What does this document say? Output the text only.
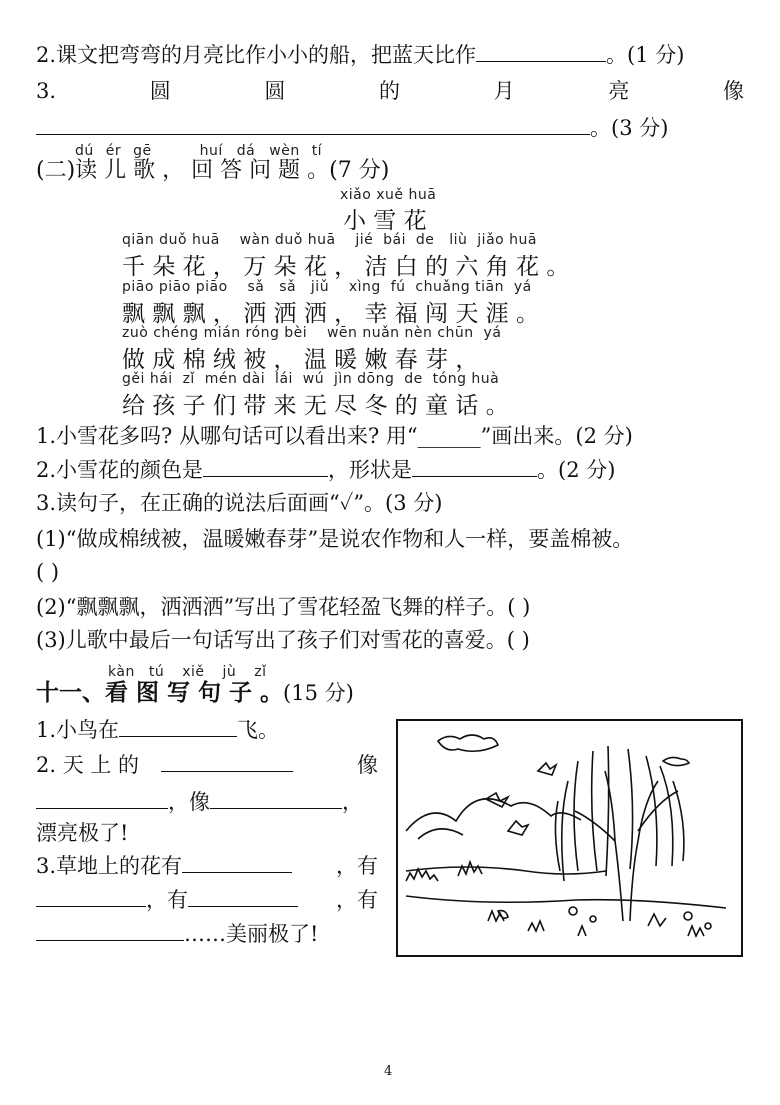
2.课文把弯弯的月亮比作小小的船，把蓝天比作	。(1 分)
3.	圆	圆	的	月	亮	像
。(3 分)
dú ér gē	huí dá wèn tí
(二)读 儿 歌 ， 回 答 问 题 。(7 分)
xiǎo xuě huā
小 雪 花
qiān duǒ huā    wàn duǒ huā    jié  bái  de   liù  jiǎo huā
千 朵 花 ， 万 朵 花 ， 洁 白 的 六 角 花 。
piāo piāo piāo    sǎ   sǎ   jiǔ    xìng  fú  chuǎng tiān  yá
飘 飘 飘 ， 洒 洒 洒 ， 幸 福 闯 天 涯 。
zuò chéng mián róng bèi    wēn nuǎn nèn chūn  yá
做 成 棉 绒 被 ， 温 暖 嫩 春 芽 ，
gěi hái  zǐ  mén dài  lái  wú  jìn dōng  de  tóng huà
给 孩 子 们 带 来 无 尽 冬 的 童 话 。
1.小雪花多吗? 从哪句话可以看出来? 用“______”画出来。(2 分)
2.小雪花的颜色是	，形状是	。(2 分)
3.读句子，在正确的说法后面画“✓”。(3 分)
(1)“做成棉绒被，温暖嫩春芽”是说农作物和人一样，要盖棉被。
( )
(2)“飘飘飘，洒洒洒”写出了雪花轻盈飞舞的样子。( )
(3)儿歌中最后一句话写出了孩子们对雪花的喜爱。( )
kàn tú xiě jù zǐ
十一、看 图 写 句 子 。(15 分)
1.小鸟在	飞。
2. 天 上 的	像
，像	，
漂亮极了!
3.草地上的花有	，有
，有	，有
……美丽极了!
4
